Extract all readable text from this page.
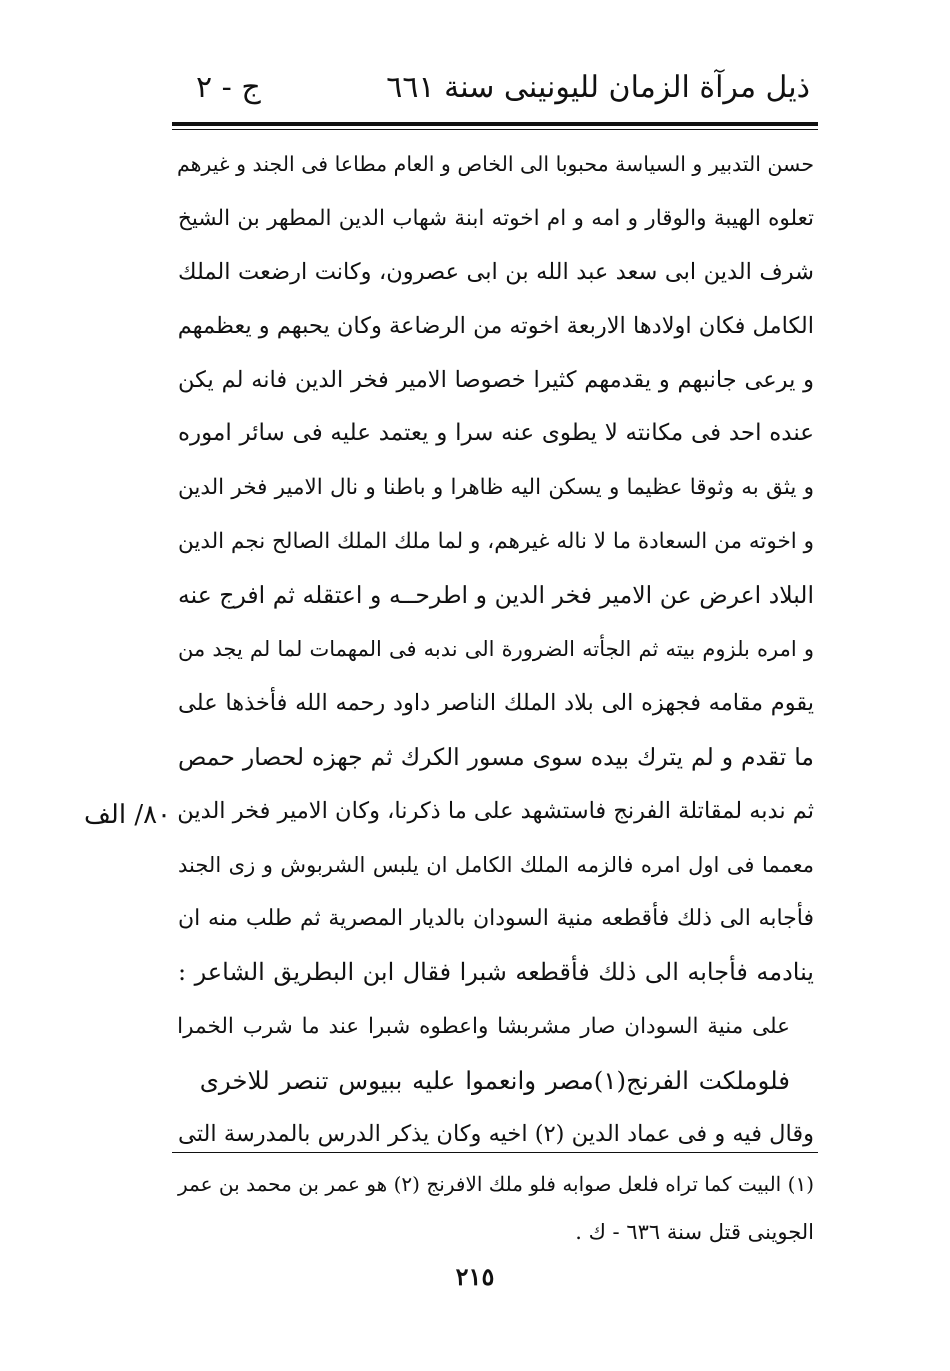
ذيل مرآة الزمان لليونينى سنة ٦٦١
ج - ٢
حسن التدبير و السياسة محبوبا الى الخاص و العام مطاعا فى الجند و غيرهم
تعلوه الهيبة والوقار و امه و ام اخوته ابنة شهاب الدين المطهر بن الشيخ
شرف الدين ابى سعد عبد الله بن ابى عصرون، وكانت ارضعت الملك
الكامل فكان اولادها الاربعة اخوته من الرضاعة وكان يحبهم و يعظمهم
و يرعى جانبهم و يقدمهم كثيرا خصوصا الامير فخر الدين فانه لم يكن
عنده احد فى مكانته لا يطوى عنه سرا و يعتمد عليه فى سائر اموره
و يثق به وثوقا عظيما و يسكن اليه ظاهرا و باطنا و نال الامير فخر الدين
و اخوته من السعادة ما لا ناله غيرهم، و لما ملك الملك الصالح نجم الدين
البلاد اعرض عن الامير فخر الدين و اطرحــه و اعتقله ثم افرج عنه
و امره بلزوم بيته ثم الجأته الضرورة الى ندبه فى المهمات لما لم يجد من
يقوم مقامه فجهزه الى بلاد الملك الناصر داود رحمه الله فأخذها على
ما تقدم و لم يترك بيده سوى مسور الكرك ثم جهزه لحصار حمص
ثم ندبه لمقاتلة الفرنج فاستشهد على ما ذكرنا، وكان الامير فخر الدين
معمما فى اول امره فالزمه الملك الكامل ان يلبس الشربوش و زى الجند
فأجابه الى ذلك فأقطعه منية السودان بالديار المصرية ثم طلب منه ان
ينادمه فأجابه الى ذلك فأقطعه شبرا فقال ابن البطريق الشاعر :
على منية السودان صار مشربشا واعطوه شبرا عند ما شرب الخمرا
فلوملكت الفرنج(١)مصر وانعموا عليه ببيوس تنصر للاخرى
وقال فيه و فى عماد الدين (٢) اخيه وكان يذكر الدرس بالمدرسة التى
٨٠/ الف
(١) البيت كما تراه فلعل صوابه فلو ملك الافرنج (٢) هو عمر بن محمد بن عمر
الجوينى قتل سنة ٦٣٦ - ك .
٢١٥
